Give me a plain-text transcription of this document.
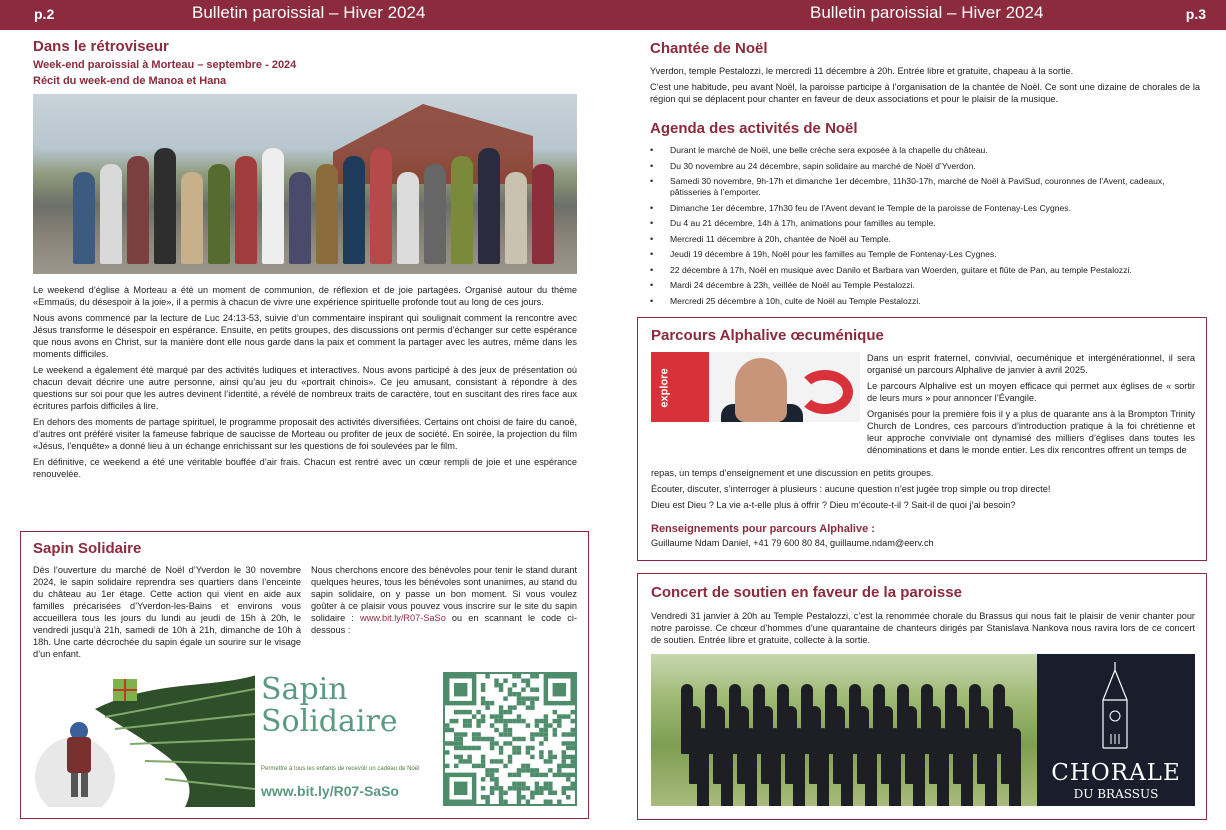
p.2	Bulletin paroissial – Hiver 2024	Bulletin paroissial – Hiver 2024	p.3
Dans le rétroviseur
Week-end paroissial à Morteau – septembre - 2024
Récit du week-end de Manoa et Hana

Le weekend d’église à Morteau a été un moment de communion, de réflexion et de joie partagées. Organisé autour du thème «Emmaüs, du désespoir à la joie», il a permis à chacun de vivre une expérience spirituelle profonde tout au long de ces jours.

Nous avons commencé par la lecture de Luc 24:13-53, suivie d’un commentaire inspirant qui soulignait comment la rencontre avec Jésus transforme le désespoir en espérance. Ensuite, en petits groupes, des discussions ont permis d’échanger sur cette espérance que nous avons en Christ, sur la manière dont elle nous garde dans la paix et comment la partager avec les autres, même dans les moments difficiles.

Le weekend a également été marqué par des activités ludiques et interactives. Nous avons participé à des jeux de présentation où chacun devait décrire une autre personne, ainsi qu’au jeu du «portrait chinois». Ce jeu amusant, consistant à répondre à des questions sur soi pour que les autres devinent l’identité, a révélé de nombreux traits de caractère, tout en suscitant des rires face aux écritures parfois difficiles à lire.

En dehors des moments de partage spirituel, le programme proposait des activités diversifiées. Certains ont choisi de faire du canoë, d’autres ont préféré visiter la fameuse fabrique de saucisse de Morteau ou profiter de jeux de société. En soirée, la projection du film «Jésus, l’enquête» a donné lieu à un échange enrichissant sur les questions de foi soulevées par le film.

En définitive, ce weekend a été une véritable bouffée d’air frais. Chacun est rentré avec un cœur rempli de joie et une espérance renouvelée.

Sapin Solidaire

Dès l’ouverture du marché de Noël d’Yverdon le 30 novembre 2024, le sapin solidaire reprendra ses quartiers dans l’enceinte du château au 1er étage. Cette action qui vient en aide aux familles précarisées d’Yverdon-les-Bains et environs vous accueillera tous les jours du lundi au jeudi de 15h à 20h, le vendredi jusqu’à 21h, samedi de 10h à 21h, dimanche de 10h à 18h. Une carte décrochée du sapin égale un sourire sur le visage d’un enfant.

Nous cherchons encore des bénévoles pour tenir le stand durant quelques heures, tous les bénévoles sont unanimes, au stand du sapin solidaire, on y passe un bon moment. Si vous voulez goûter à ce plaisir vous pouvez vous inscrire sur le site du sapin solidaire : www.bit.ly/R07-SaSo ou en scannant le code ci-dessous :

Sapin
Solidaire
Permettre à tous les enfants de recevoir un cadeau de Noël
www.bit.ly/R07-SaSo
Chantée de Noël

Yverdon, temple Pestalozzi, le mercredi 11 décembre à 20h. Entrée libre et gratuite, chapeau à la sortie.

C’est une habitude, peu avant Noël, la paroisse participe à l’organisation de la chantée de Noël. Ce sont une dizaine de chorales de la région qui se déplacent pour chanter en faveur de deux associations et pour le plaisir de la musique.

Agenda des activités de Noël
• Durant le marché de Noël, une belle crèche sera exposée à la chapelle du château.
• Du 30 novembre au 24 décembre, sapin solidaire au marché de Noël d’Yverdon.
• Samedi 30 novembre, 9h-17h et dimanche 1er décembre, 11h30-17h, marché de Noël à PaviSud, couronnes de l’Avent, cadeaux, pâtisseries à l’emporter.
• Dimanche 1er décembre, 17h30 feu de l’Avent devant le Temple de la paroisse de Fontenay-Les Cygnes.
• Du 4 au 21 décembre, 14h à 17h, animations pour familles au temple.
• Mercredi 11 décembre à 20h, chantée de Noël au Temple.
• Jeudi 19 décembre à 19h, Noël pour les familles au Temple de Fontenay-Les Cygnes.
• 22 décembre à 17h, Noël en musique avec Danilo et Barbara van Woerden, guitare et flûte de Pan, au temple Pestalozzi.
• Mardi 24 décembre à 23h, veillée de Noël au Temple Pestalozzi.
• Mercredi 25 décembre à 10h, culte de Noël au Temple Pestalozzi.
Parcours Alphalive œcuménique
explore

Dans un esprit fraternel, convivial, oecuménique et intergénérationnel, il sera organisé un parcours Alphalive de janvier à avril 2025.

Le parcours Alphalive est un moyen efficace qui permet aux églises de « sortir de leurs murs » pour annoncer l’Évangile.

Organisés pour la première fois il y a plus de quarante ans à la Brompton Trinity Church de Londres, ces parcours d’introduction pratique à la foi chrétienne et leur approche conviviale ont dynamisé des milliers d’églises dans toutes les dénominations et dans le monde entier. Les dix rencontres offrent un temps de

repas, un temps d’enseignement et une discussion en petits groupes.

Écouter, discuter, s’interroger à plusieurs : aucune question n’est jugée trop simple ou trop directe!

Dieu est Dieu ? La vie a-t-elle plus à offrir ? Dieu m’écoute-t-il ? Sait-il de quoi j’ai besoin?

Renseignements pour parcours Alphalive :
Guillaume Ndam Daniel, +41 79 600 80 84, guillaume.ndam@eerv.ch
Concert de soutien en faveur de la paroisse

Vendredi 31 janvier à 20h au Temple Pestalozzi, c’est la renommée chorale du Brassus qui nous fait le plaisir de venir chanter pour notre paroisse. Ce chœur d’hommes d’une quarantaine de chanteurs dirigés par Stanislava Nankova nous ravira lors de ce concert de soutien. Entrée libre et gratuite, collecte à la sortie.

CHORALE
DU BRASSUS
